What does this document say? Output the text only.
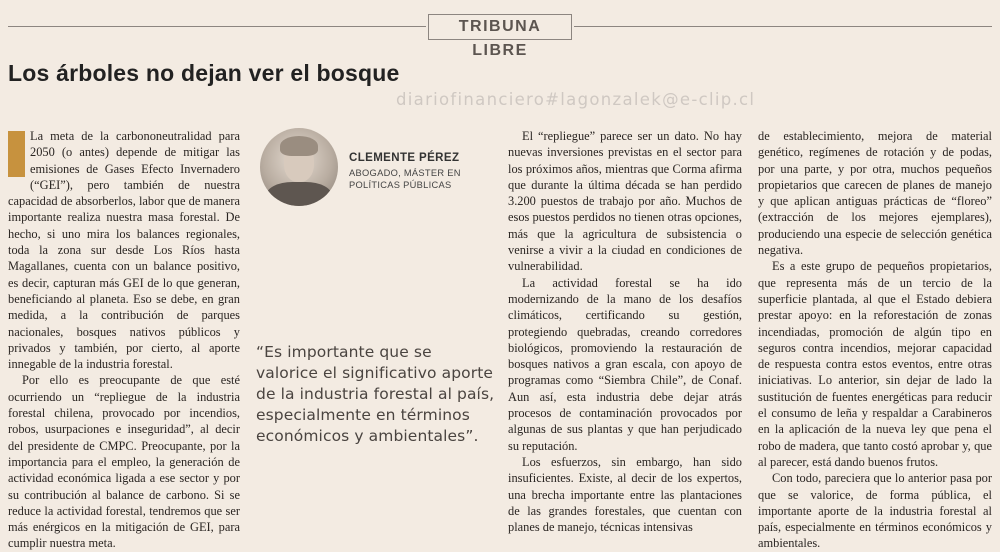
TRIBUNA LIBRE
Los árboles no dejan ver el bosque
diariofinanciero#lagonzalek@e-clip.cl

La meta de la carbononeutralidad para 2050 (o antes) depende de mitigar las emisiones de Gases Efecto Invernadero (“GEI”), pero también de nuestra capacidad de absorberlos, labor que de manera importante realiza nuestra masa forestal. De hecho, si uno mira los balances regionales, toda la zona sur desde Los Ríos hasta Magallanes, cuenta con un balance positivo, es decir, capturan más GEI de lo que generan, beneficiando al planeta. Eso se debe, en gran medida, a la contribución de parques nacionales, bosques nativos públicos y privados y también, por cierto, al aporte innegable de la industria forestal.

Por ello es preocupante de que esté ocurriendo un “repliegue de la industria forestal chilena, provocado por incendios, robos, usurpaciones e inseguridad”, al decir del presidente de CMPC. Preocupante, por la importancia para el empleo, la generación de actividad económica ligada a ese sector y por su contribución al balance de carbono. Si se reduce la actividad forestal, tendremos que ser más enérgicos en la mitigación de GEI, para cumplir nuestra meta.

CLEMENTE PÉREZ
ABOGADO, MÁSTER EN
POLÍTICAS PÚBLICAS
“Es importante que se valorice el significativo aporte de la industria forestal al país, especialmente en términos económicos y ambientales”.

El “repliegue” parece ser un dato. No hay nuevas inversiones previstas en el sector para los próximos años, mientras que Corma afirma que durante la última década se han perdido 3.200 puestos de trabajo por año. Muchos de esos puestos perdidos no tienen otras opciones, más que la agricultura de subsistencia o venirse a vivir a la ciudad en condiciones de vulnerabilidad.

La actividad forestal se ha ido modernizando de la mano de los desafíos climáticos, certificando su gestión, protegiendo quebradas, creando corredores biológicos, promoviendo la restauración de bosques nativos a gran escala, con apoyo de programas como “Siembra Chile”, de Conaf. Aun así, esta industria debe dejar atrás procesos de contaminación provocados por algunas de sus plantas y que han perjudicado su reputación.

Los esfuerzos, sin embargo, han sido insuficientes. Existe, al decir de los expertos, una brecha importante entre las plantaciones de las grandes forestales, que cuentan con planes de manejo, técnicas intensivas

de establecimiento, mejora de material genético, regímenes de rotación y de podas, por una parte, y por otra, muchos pequeños propietarios que carecen de planes de manejo y que aplican antiguas prácticas de “floreo” (extracción de los mejores ejemplares), produciendo una especie de selección genética negativa.

Es a este grupo de pequeños propietarios, que representa más de un tercio de la superficie plantada, al que el Estado debiera prestar apoyo: en la reforestación de zonas incendiadas, promoción de algún tipo en seguros contra incendios, mejorar capacidad de respuesta contra estos eventos, entre otras iniciativas. Lo anterior, sin dejar de lado la sustitución de fuentes energéticas para reducir el consumo de leña y respaldar a Carabineros en la aplicación de la nueva ley que pena el robo de madera, que tanto costó aprobar y, que al parecer, está dando buenos frutos.

Con todo, pareciera que lo anterior pasa por que se valorice, de forma pública, el importante aporte de la industria forestal al país, especialmente en términos económicos y ambientales.
